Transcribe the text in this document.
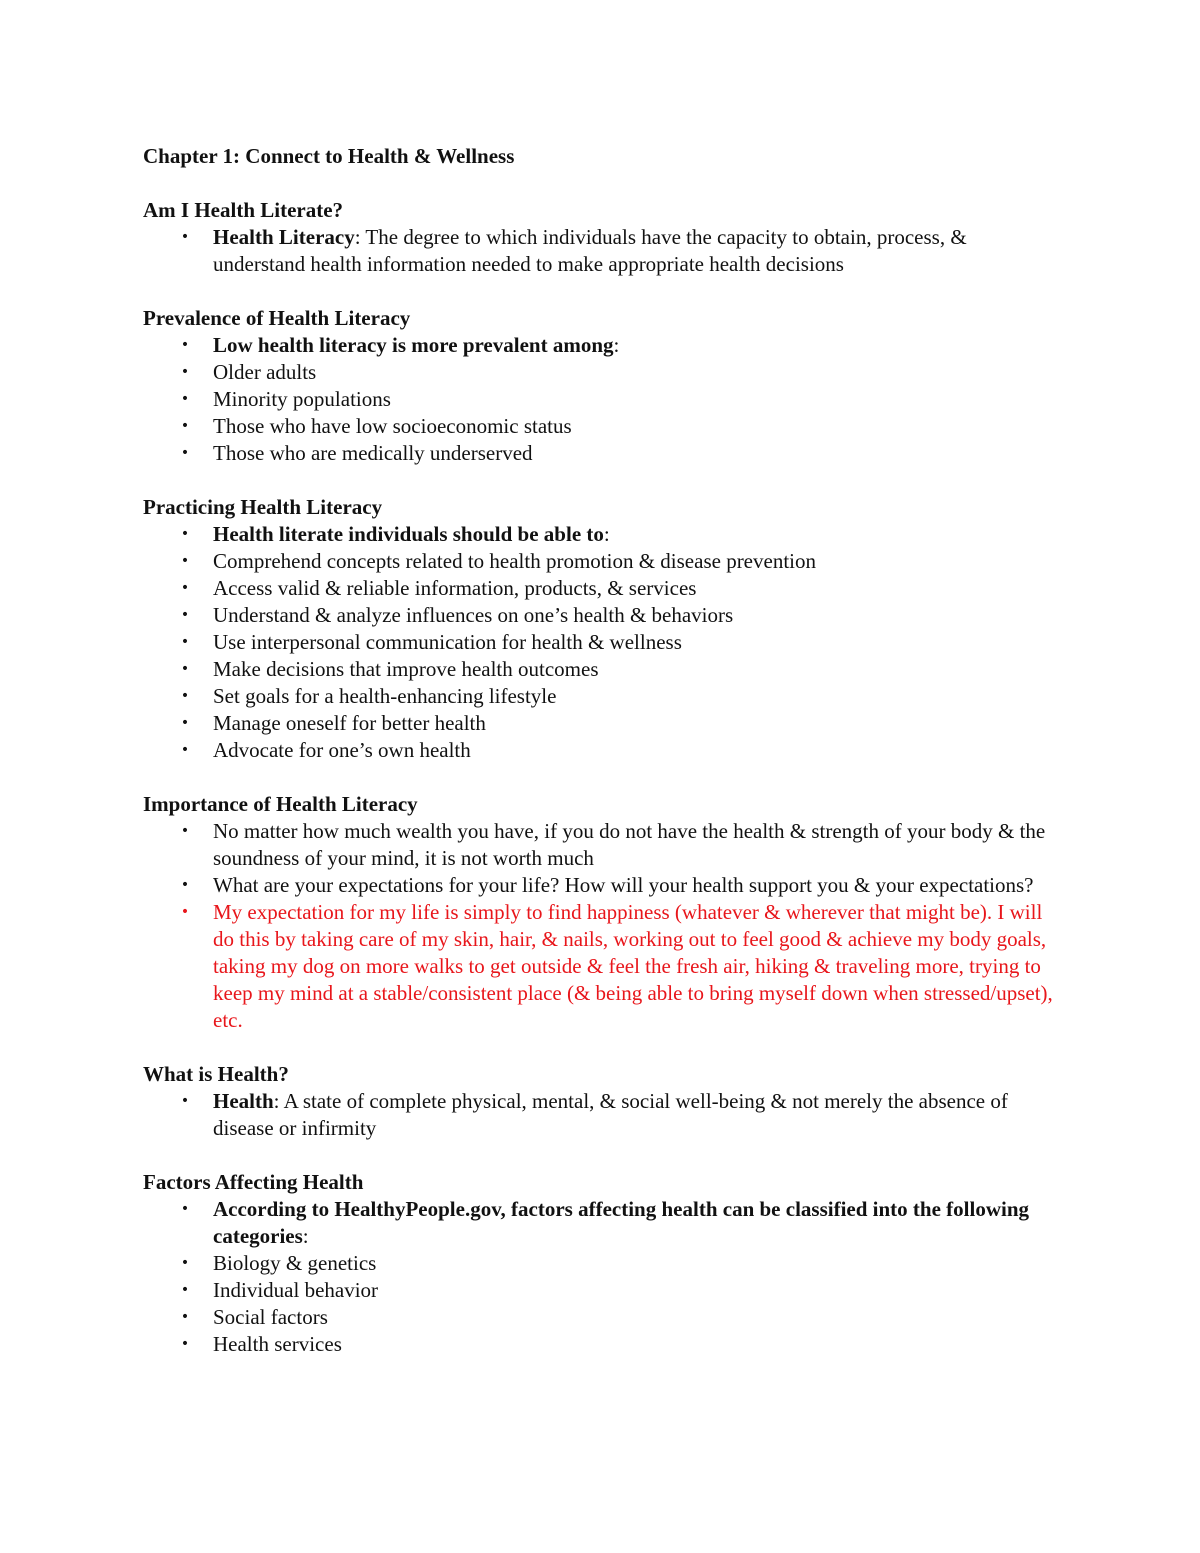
Chapter 1: Connect to Health & Wellness

Am I Health Literate?

• Health Literacy: The degree to which individuals have the capacity to obtain, process, & understand health information needed to make appropriate health decisions

Prevalence of Health Literacy

• Low health literacy is more prevalent among:
• Older adults
• Minority populations
• Those who have low socioeconomic status
• Those who are medically underserved

Practicing Health Literacy

• Health literate individuals should be able to:
• Comprehend concepts related to health promotion & disease prevention
• Access valid & reliable information, products, & services
• Understand & analyze influences on one’s health & behaviors
• Use interpersonal communication for health & wellness
• Make decisions that improve health outcomes
• Set goals for a health-enhancing lifestyle
• Manage oneself for better health
• Advocate for one’s own health

Importance of Health Literacy

• No matter how much wealth you have, if you do not have the health & strength of your body & the soundness of your mind, it is not worth much
• What are your expectations for your life? How will your health support you & your expectations?
• My expectation for my life is simply to find happiness (whatever & wherever that might be). I will do this by taking care of my skin, hair, & nails, working out to feel good & achieve my body goals, taking my dog on more walks to get outside & feel the fresh air, hiking & traveling more, trying to keep my mind at a stable/consistent place (& being able to bring myself down when stressed/upset), etc.

What is Health?

• Health: A state of complete physical, mental, & social well-being & not merely the absence of disease or infirmity

Factors Affecting Health

• According to HealthyPeople.gov, factors affecting health can be classified into the following categories:
• Biology & genetics
• Individual behavior
• Social factors
• Health services
